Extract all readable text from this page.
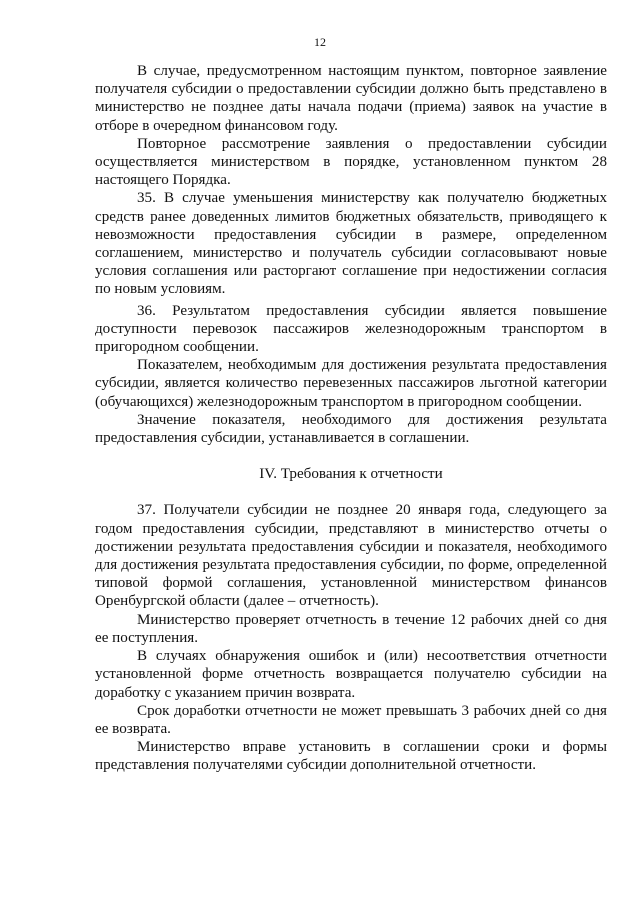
12

В случае, предусмотренном настоящим пунктом, повторное заявление получателя субсидии о предоставлении субсидии должно быть представлено в министерство не позднее даты начала подачи (приема) заявок на участие в отборе в очередном финансовом году.

Повторное рассмотрение заявления о предоставлении субсидии осуществляется министерством в порядке, установленном пунктом 28 настоящего Порядка.

35. В случае уменьшения министерству как получателю бюджетных средств ранее доведенных лимитов бюджетных обязательств, приводящего к невозможности предоставления субсидии в размере, определенном соглашением, министерство и получатель субсидии согласовывают новые условия соглашения или расторгают соглашение при недостижении согласия по новым условиям.

36. Результатом предоставления субсидии является повышение доступности перевозок пассажиров железнодорожным транспортом в пригородном сообщении.

Показателем, необходимым для достижения результата предоставления субсидии, является количество перевезенных пассажиров льготной категории (обучающихся) железнодорожным транспортом в пригородном сообщении.

Значение показателя, необходимого для достижения результата предоставления субсидии, устанавливается в соглашении.

IV. Требования к отчетности

37. Получатели субсидии не позднее 20 января года, следующего за годом предоставления субсидии, представляют в министерство отчеты о достижении результата предоставления субсидии и показателя, необходимого для достижения результата предоставления субсидии, по форме, определенной типовой формой соглашения, установленной министерством финансов Оренбургской области (далее – отчетность).

Министерство проверяет отчетность в течение 12 рабочих дней со дня ее поступления.

В случаях обнаружения ошибок и (или) несоответствия отчетности установленной форме отчетность возвращается получателю субсидии на доработку с указанием причин возврата.

Срок доработки отчетности не может превышать 3 рабочих дней со дня ее возврата.

Министерство вправе установить в соглашении сроки и формы представления получателями субсидии дополнительной отчетности.
